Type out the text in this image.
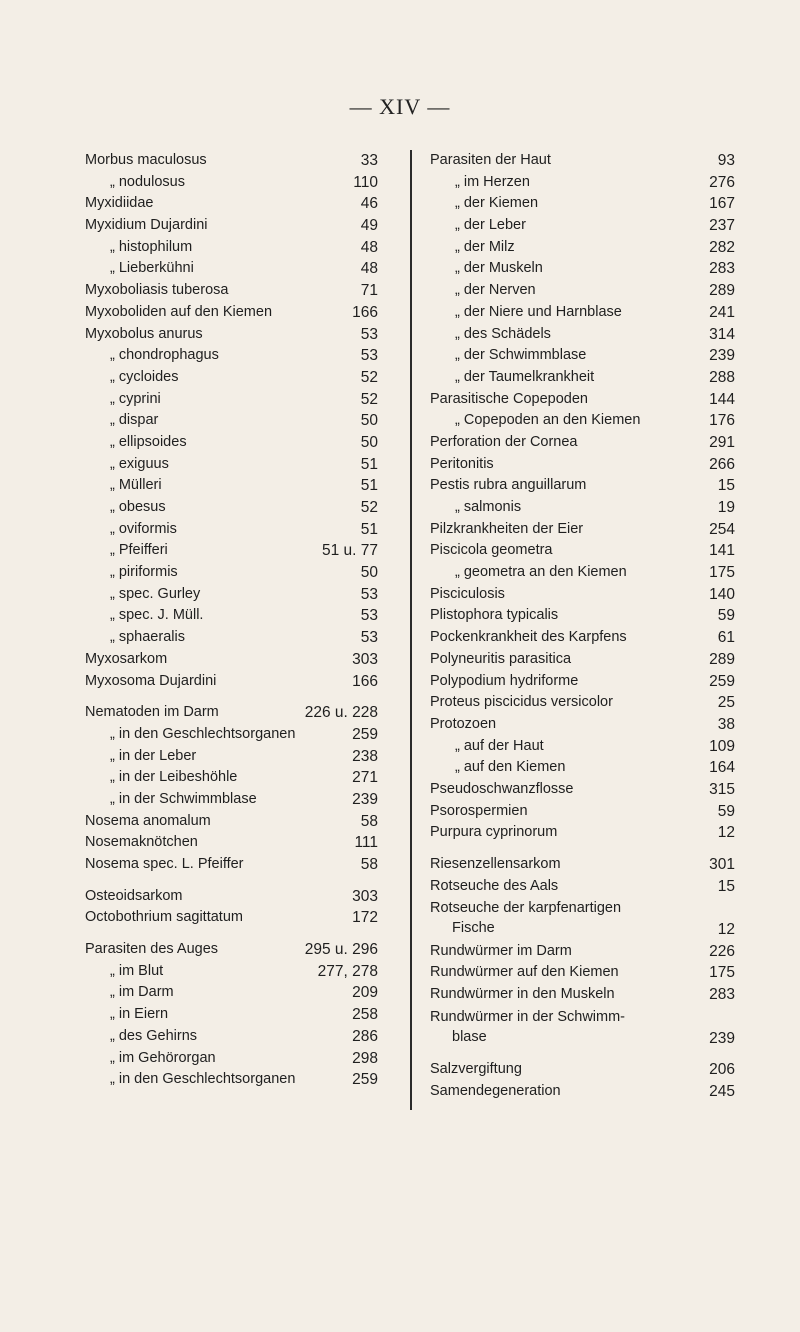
— XIV —
Morbus maculosus	33
„ nodulosus	110
Myxidiidae	46
Myxidium Dujardini	49
„ histophilum	48
„ Lieberkühni	48
Myxoboliasis tuberosa	71
Myxoboliden auf den Kiemen	166
Myxobolus anurus	53
„ chondrophagus	53
„ cycloides	52
„ cyprini	52
„ dispar	50
„ ellipsoides	50
„ exiguus	51
„ Mülleri	51
„ obesus	52
„ oviformis	51
„ Pfeifferi	51 u. 77
„ piriformis	50
„ spec. Gurley	53
„ spec. J. Müll.	53
„ sphaeralis	53
Myxosarkom	303
Myxosoma Dujardini	166
Nematoden im Darm	226 u. 228
„ in den Geschlechtsorganen	259
„ in der Leber	238
„ in der Leibeshöhle	271
„ in der Schwimmblase	239
Nosema anomalum	58
Nosemaknötchen	111
Nosema spec. L. Pfeiffer	58
Osteoidsarkom	303
Octobothrium sagittatum	172
Parasiten des Auges	295 u. 296
„ im Blut	277, 278
„ im Darm	209
„ in Eiern	258
„ des Gehirns	286
„ im Gehörorgan	298
„ in den Geschlechtsorganen	259
Parasiten der Haut	93
„ im Herzen	276
„ der Kiemen	167
„ der Leber	237
„ der Milz	282
„ der Muskeln	283
„ der Nerven	289
„ der Niere und Harnblase	241
„ des Schädels	314
„ der Schwimmblase	239
„ der Taumelkrankheit	288
Parasitische Copepoden	144
„ Copepoden an den Kiemen	176
Perforation der Cornea	291
Peritonitis	266
Pestis rubra anguillarum	15
„ salmonis	19
Pilzkrankheiten der Eier	254
Piscicola geometra	141
„ geometra an den Kiemen	175
Pisciculosis	140
Plistophora typicalis	59
Pockenkrankheit des Karpfens	61
Polyneuritis parasitica	289
Polypodium hydriforme	259
Proteus piscicidus versicolor	25
Protozoen	38
„ auf der Haut	109
„ auf den Kiemen	164
Pseudoschwanzflosse	315
Psorospermien	59
Purpura cyprinorum	12
Riesenzellensarkom	301
Rotseuche des Aals	15
Rotseuche der karpfenartigen
Fische	12
Rundwürmer im Darm	226
Rundwürmer auf den Kiemen	175
Rundwürmer in den Muskeln	283
Rundwürmer in der Schwimm-
blase	239
Salzvergiftung	206
Samendegeneration	245
